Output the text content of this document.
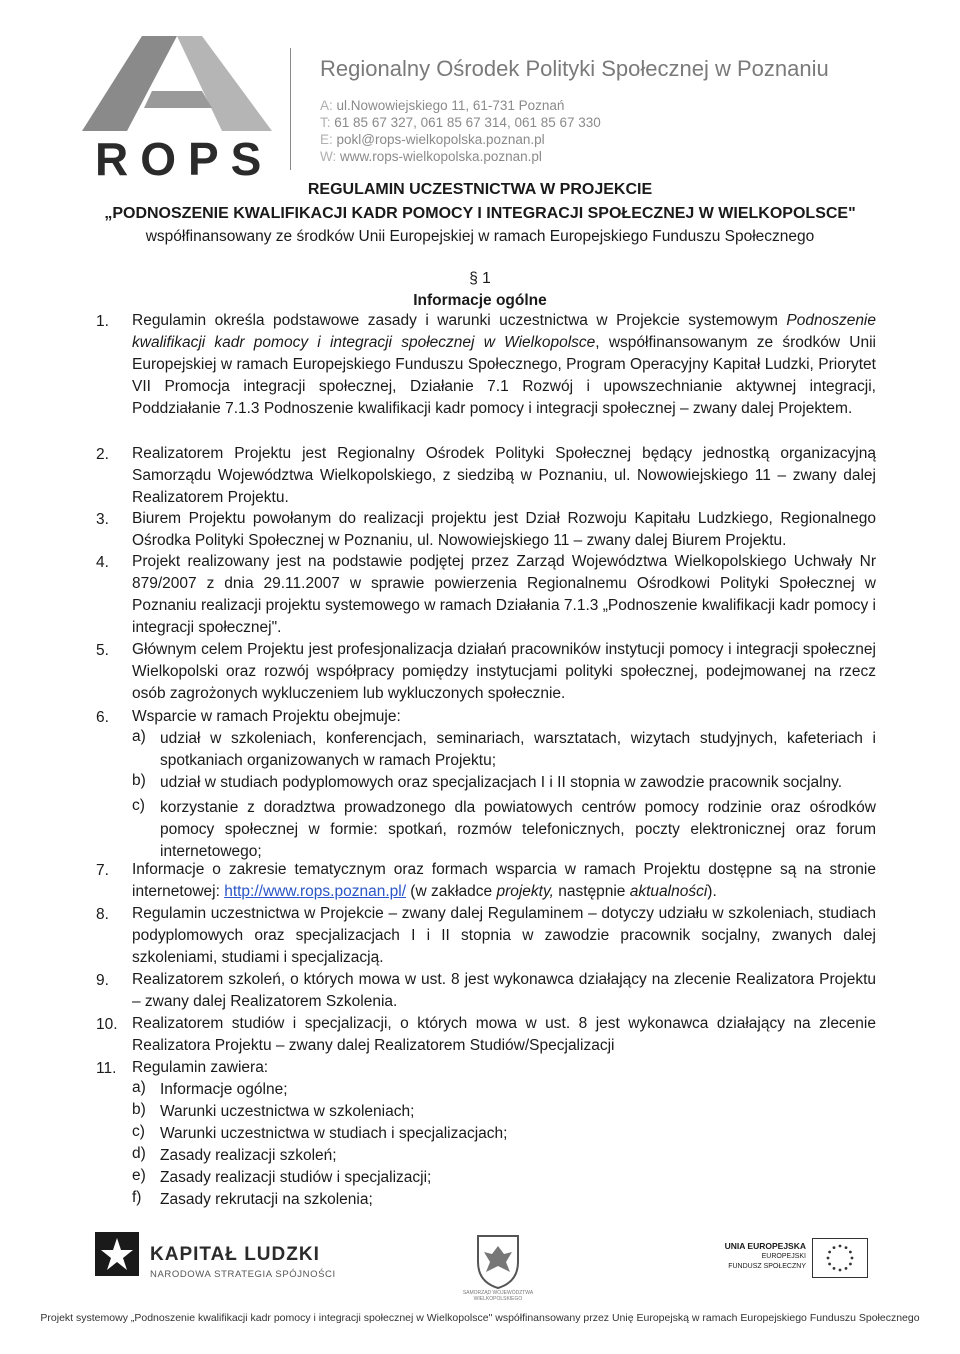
ROPS
Regionalny Ośrodek Polityki Społecznej w Poznaniu
A: ul.Nowowiejskiego 11, 61-731 Poznań
T: 61 85 67 327, 061 85 67 314, 061 85 67 330
E: pokl@rops-wielkopolska.poznan.pl
W: www.rops-wielkopolska.poznan.pl
REGULAMIN UCZESTNICTWA W PROJEKCIE
„PODNOSZENIE KWALIFIKACJI KADR POMOCY I INTEGRACJI SPOŁECZNEJ W WIELKOPOLSCE"
współfinansowany ze środków Unii Europejskiej w ramach Europejskiego Funduszu Społecznego
§ 1
Informacje ogólne
1. Regulamin określa podstawowe zasady i warunki uczestnictwa w Projekcie systemowym Podnoszenie kwalifikacji kadr pomocy i integracji społecznej w Wielkopolsce, współfinansowanym ze środków Unii Europejskiej w ramach Europejskiego Funduszu Społecznego, Program Operacyjny Kapitał Ludzki, Priorytet VII Promocja integracji społecznej, Działanie 7.1 Rozwój i upowszechnianie aktywnej integracji, Poddziałanie 7.1.3 Podnoszenie kwalifikacji kadr pomocy i integracji społecznej – zwany dalej Projektem.
2. Realizatorem Projektu jest Regionalny Ośrodek Polityki Społecznej będący jednostką organizacyjną Samorządu Województwa Wielkopolskiego, z siedzibą w Poznaniu, ul. Nowowiejskiego 11 – zwany dalej Realizatorem Projektu.
3. Biurem Projektu powołanym do realizacji projektu jest Dział Rozwoju Kapitału Ludzkiego, Regionalnego Ośrodka Polityki Społecznej w Poznaniu, ul. Nowowiejskiego 11 – zwany dalej Biurem Projektu.
4. Projekt realizowany jest na podstawie podjętej przez Zarząd Województwa Wielkopolskiego Uchwały Nr 879/2007 z dnia 29.11.2007 w sprawie powierzenia Regionalnemu Ośrodkowi Polityki Społecznej w Poznaniu realizacji projektu systemowego w ramach Działania 7.1.3 „Podnoszenie kwalifikacji kadr pomocy i integracji społecznej".
5. Głównym celem Projektu jest profesjonalizacja działań pracowników instytucji pomocy i integracji społecznej Wielkopolski oraz rozwój współpracy pomiędzy instytucjami polityki społecznej, podejmowanej na rzecz osób zagrożonych wykluczeniem lub wykluczonych społecznie.
6. Wsparcie w ramach Projektu obejmuje:
a) udział w szkoleniach, konferencjach, seminariach, warsztatach, wizytach studyjnych, kafeteriach i spotkaniach organizowanych w ramach Projektu;
b) udział w studiach podyplomowych oraz specjalizacjach I i II stopnia w zawodzie pracownik socjalny.
c) korzystanie z doradztwa prowadzonego dla powiatowych centrów pomocy rodzinie oraz ośrodków pomocy społecznej w formie: spotkań, rozmów telefonicznych, poczty elektronicznej oraz forum internetowego;
7. Informacje o zakresie tematycznym oraz formach wsparcia w ramach Projektu dostępne są na stronie internetowej: http://www.rops.poznan.pl/ (w zakładce projekty, następnie aktualności).
8. Regulamin uczestnictwa w Projekcie – zwany dalej Regulaminem – dotyczy udziału w szkoleniach, studiach podyplomowych oraz specjalizacjach I i II stopnia w zawodzie pracownik socjalny, zwanych dalej szkoleniami, studiami i specjalizacją.
9. Realizatorem szkoleń, o których mowa w ust. 8 jest wykonawca działający na zlecenie Realizatora Projektu – zwany dalej Realizatorem Szkolenia.
10. Realizatorem studiów i specjalizacji, o których mowa w ust. 8 jest wykonawca działający na zlecenie Realizatora Projektu – zwany dalej Realizatorem Studiów/Specjalizacji
11. Regulamin zawiera:
a) Informacje ogólne;
b) Warunki uczestnictwa w szkoleniach;
c) Warunki uczestnictwa w studiach i specjalizacjach;
d) Zasady realizacji szkoleń;
e) Zasady realizacji studiów i specjalizacji;
f) Zasady rekrutacji na szkolenia;
KAPITAŁ LUDZKI
NARODOWA STRATEGIA SPÓJNOŚCI
SAMORZĄD WOJEWÓDZTWA WIELKOPOLSKIEGO
UNIA EUROPEJSKA
EUROPEJSKI
FUNDUSZ SPOŁECZNY
Projekt systemowy „Podnoszenie kwalifikacji kadr pomocy i integracji społecznej w Wielkopolsce" współfinansowany przez Unię Europejską w ramach Europejskiego Funduszu Społecznego
